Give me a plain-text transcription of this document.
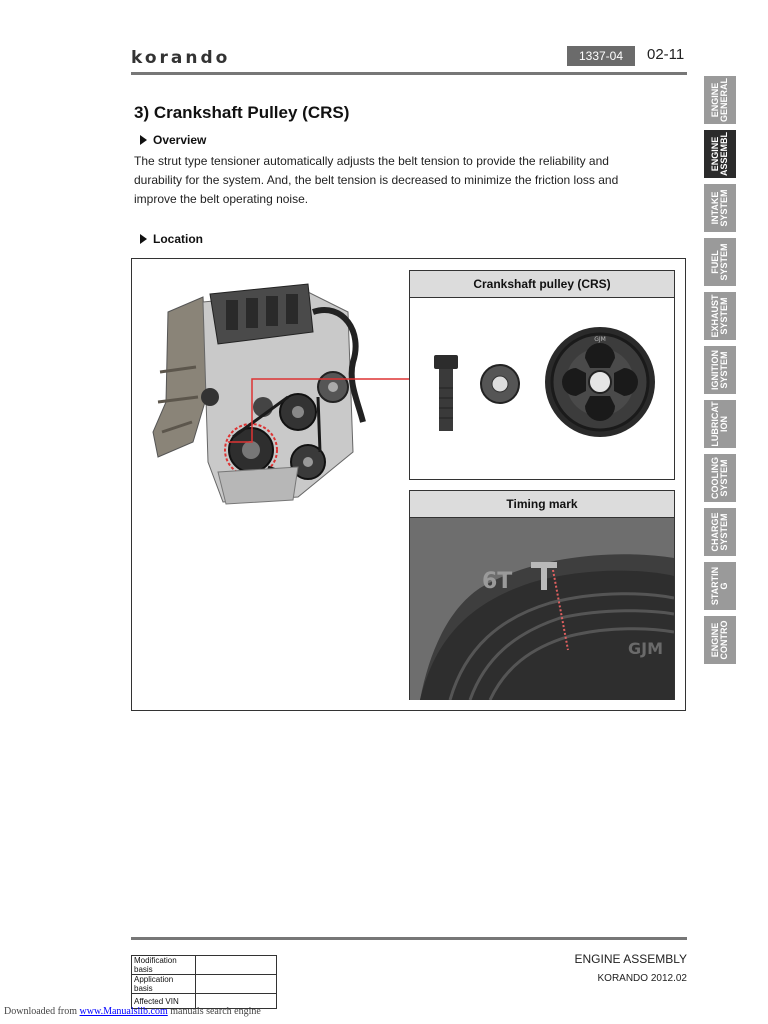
korando	1337-04	02-11
3) Crankshaft Pulley (CRS)
Overview
The strut type tensioner automatically adjusts the belt tension to provide the reliability and durability for the system. And, the belt tension is decreased to minimize the friction loss and improve the belt operating noise.
Location
Crankshaft pulley (CRS)
GJM
Timing mark
6T
GJM
ENGINE
GENERAL
ENGINE
ASSEMBL
INTAKE
SYSTEM
FUEL
SYSTEM
EXHAUST
SYSTEM
IGNITION
SYSTEM
LUBRICAT
ION
COOLING
SYSTEM
CHARGE
SYSTEM
STARTIN
G
ENGINE
CONTRO
Modification basis	
Application basis	
Affected VIN	
ENGINE ASSEMBLY
KORANDO 2012.02
Downloaded from www.Manualslib.com manuals search engine
